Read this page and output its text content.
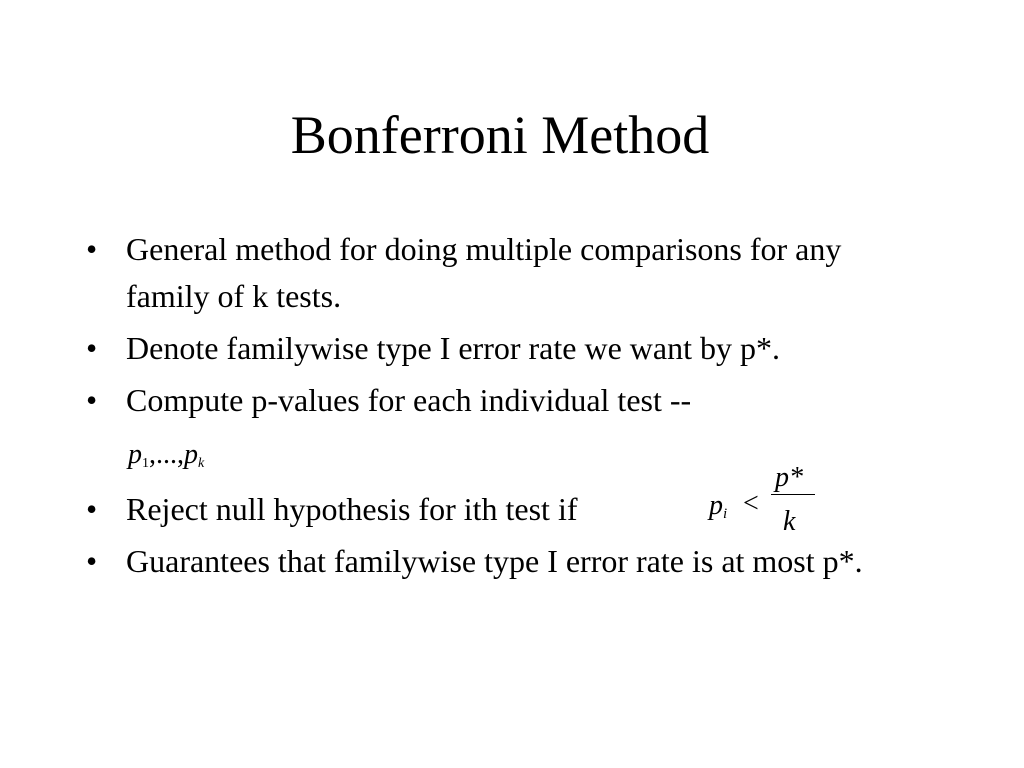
Bonferroni Method
• General method for doing multiple comparisons for any family of k tests.
• Denote familywise type I error rate we want by p*.
• Compute p-values for each individual test --
$p_1,...,p_k$
• Reject null hypothesis for ith test if	$p_i$ <
p*
k
• Guarantees that familywise type I error rate is at most p*.
